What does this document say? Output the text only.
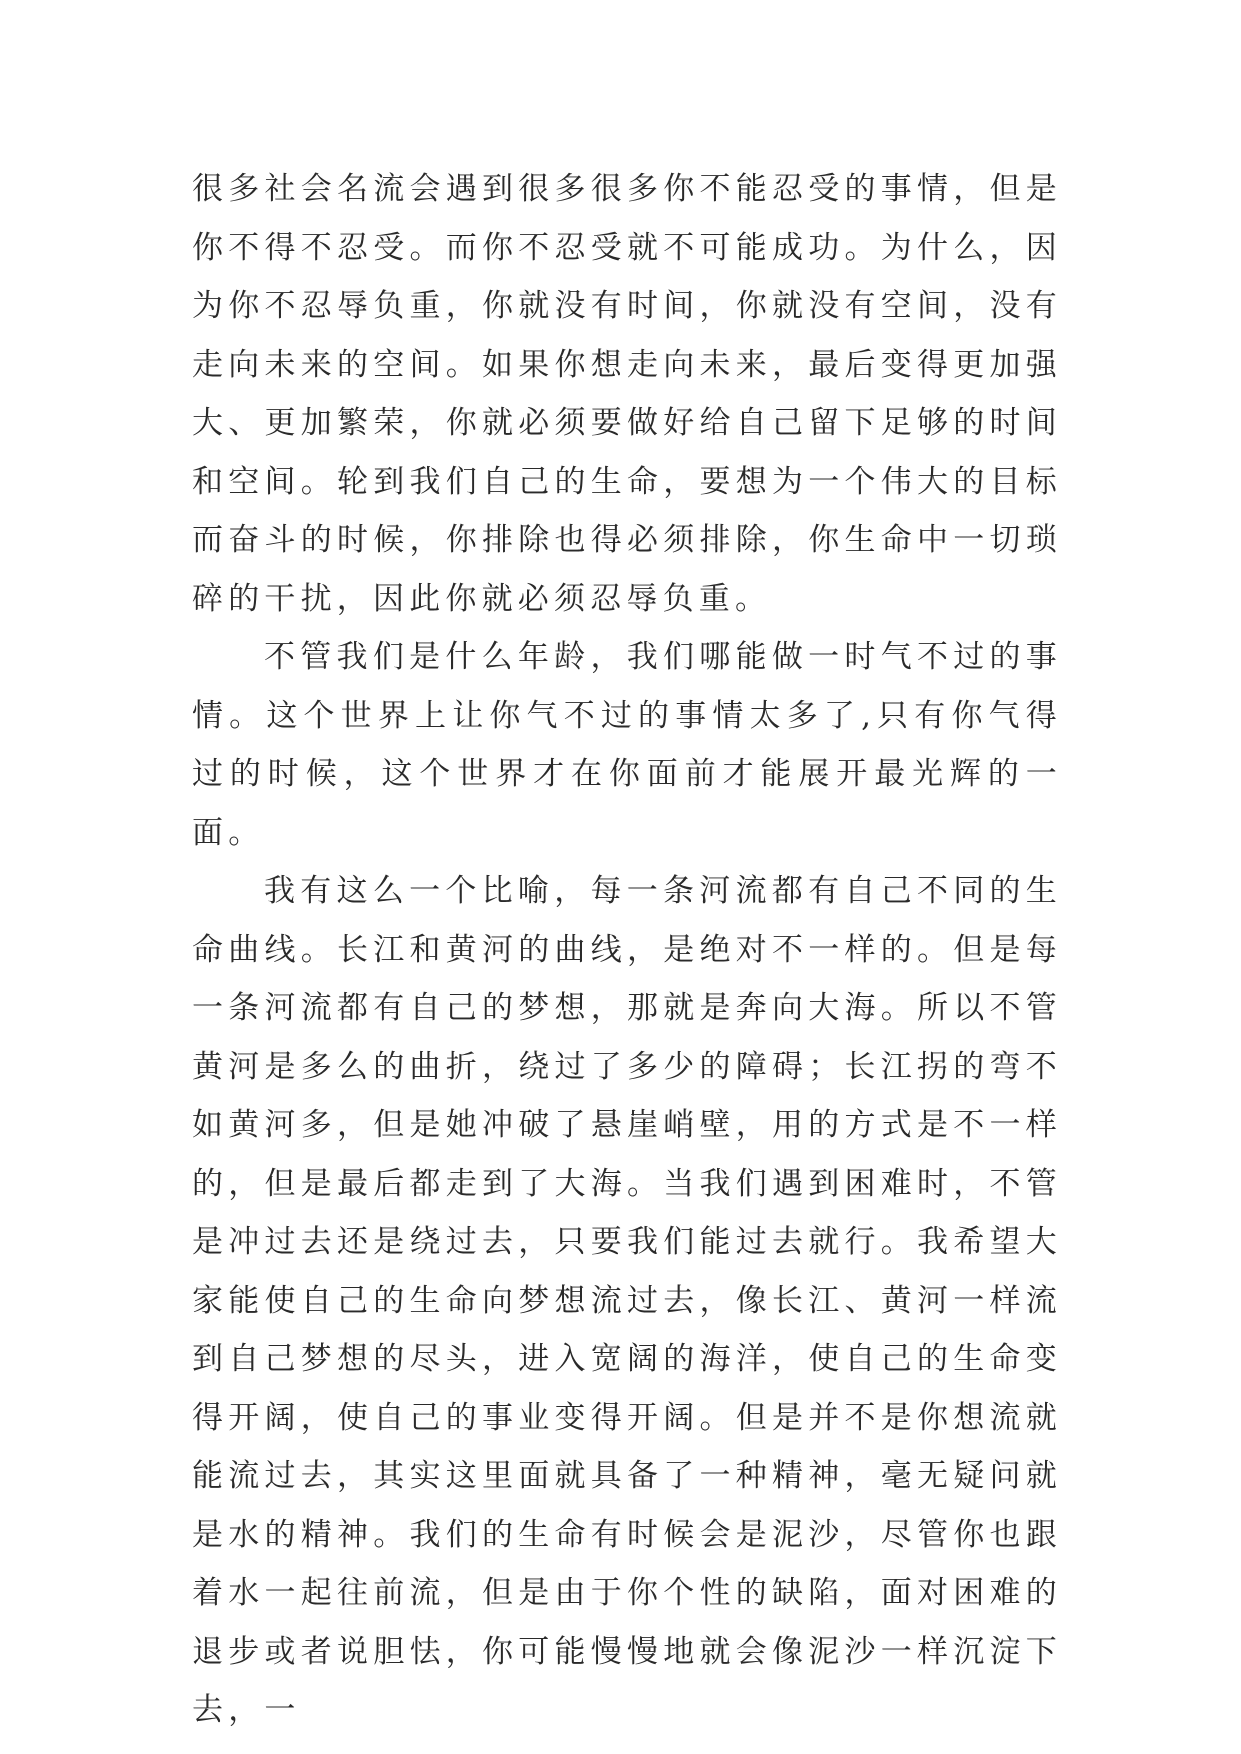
很多社会名流会遇到很多很多你不能忍受的事情，但是你不得不忍受。而你不忍受就不可能成功。为什么，因为你不忍辱负重，你就没有时间，你就没有空间，没有走向未来的空间。如果你想走向未来，最后变得更加强大、更加繁荣，你就必须要做好给自己留下足够的时间和空间。轮到我们自己的生命，要想为一个伟大的目标而奋斗的时候，你排除也得必须排除，你生命中一切琐碎的干扰，因此你就必须忍辱负重。

不管我们是什么年龄，我们哪能做一时气不过的事情。这个世界上让你气不过的事情太多了,只有你气得过的时候，这个世界才在你面前才能展开最光辉的一面。

我有这么一个比喻，每一条河流都有自己不同的生命曲线。长江和黄河的曲线，是绝对不一样的。但是每一条河流都有自己的梦想，那就是奔向大海。所以不管黄河是多么的曲折，绕过了多少的障碍；长江拐的弯不如黄河多，但是她冲破了悬崖峭壁，用的方式是不一样的，但是最后都走到了大海。当我们遇到困难时，不管是冲过去还是绕过去，只要我们能过去就行。我希望大家能使自己的生命向梦想流过去，像长江、黄河一样流到自己梦想的尽头，进入宽阔的海洋，使自己的生命变得开阔，使自己的事业变得开阔。但是并不是你想流就能流过去，其实这里面就具备了一种精神，毫无疑问就是水的精神。我们的生命有时候会是泥沙，尽管你也跟着水一起往前流，但是由于你个性的缺陷，面对困难的退步或者说胆怯，你可能慢慢地就会像泥沙一样沉淀下去，一
